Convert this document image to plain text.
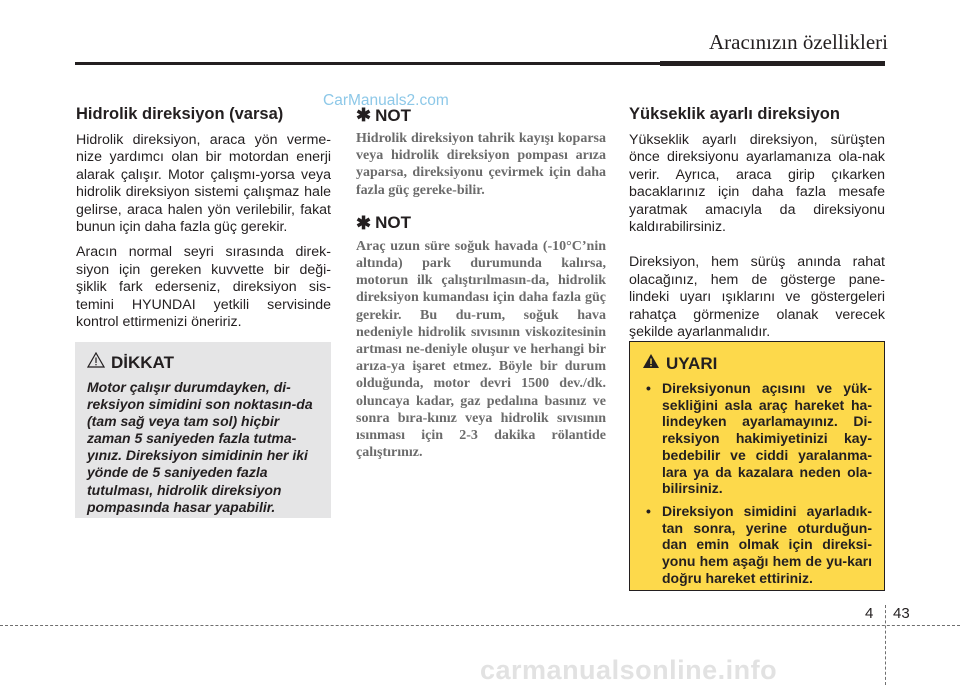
Aracınızın özellikleri
CarManuals2.com
Hidrolik direksiyon (varsa)

Hidrolik direksiyon, araca yön verme-nize yardımcı olan bir motordan enerji alarak çalışır. Motor çalışmı-yorsa veya hidrolik direksiyon sistemi çalışmaz hale gelirse, araca halen yön verilebilir, fakat bunun için daha fazla güç gerekir.

Aracın normal seyri sırasında direk-siyon için gereken kuvvette bir deği-şiklik fark ederseniz, direksiyon sis-temini HYUNDAI yetkili servisinde kontrol ettirmenizi öneririz.

DİKKAT

Motor çalışır durumdayken, di-reksiyon simidini son noktasın-da (tam sağ veya tam sol) hiçbir zaman 5 saniyeden fazla tutma-yınız. Direksiyon simidinin her iki yönde de 5 saniyeden fazla tutulması, hidrolik direksiyon pompasında hasar yapabilir.

✱ NOT

Hidrolik direksiyon tahrik kayışı koparsa veya hidrolik direksiyon pompası arıza yaparsa, direksiyonu çevirmek için daha fazla güç gereke-bilir.

✱ NOT

Araç uzun süre soğuk havada (-10°C’nin altında) park durumunda kalırsa, motorun ilk çalıştırılmasın-da, hidrolik direksiyon kumandası için daha fazla güç gerekir. Bu du-rum, soğuk hava nedeniyle hidrolik sıvısının viskozitesinin artması ne-deniyle oluşur ve herhangi bir arıza-ya işaret etmez. Böyle bir durum olduğunda, motor devri 1500 dev./dk. oluncaya kadar, gaz pedalına basınız ve sonra bıra-kınız veya hidrolik sıvısının ısınması için 2-3 dakika rölantide çalıştırınız.

Yükseklik ayarlı direksiyon

Yükseklik ayarlı direksiyon, sürüşten önce direksiyonu ayarlamanıza ola-nak verir. Ayrıca, araca girip çıkarken bacaklarınız için daha fazla mesafe yaratmak amacıyla da direksiyonu kaldırabilirsiniz.

Direksiyon, hem sürüş anında rahat olacağınız, hem de gösterge pane-lindeki uyarı ışıklarını ve göstergeleri rahatça görmenize olanak verecek şekilde ayarlanmalıdır.

UYARI
• Direksiyonun açısını ve yük-sekliğini asla araç hareket ha-lindeyken ayarlamayınız. Di-reksiyon hakimiyetinizi kay-bedebilir ve ciddi yaralanma-lara ya da kazalara neden ola-bilirsiniz.
• Direksiyon simidini ayarladık-tan sonra, yerine oturduğun-dan emin olmak için direksi-yonu hem aşağı hem de yu-karı doğru hareket ettiriniz.
4 43
carmanualsonline.info
